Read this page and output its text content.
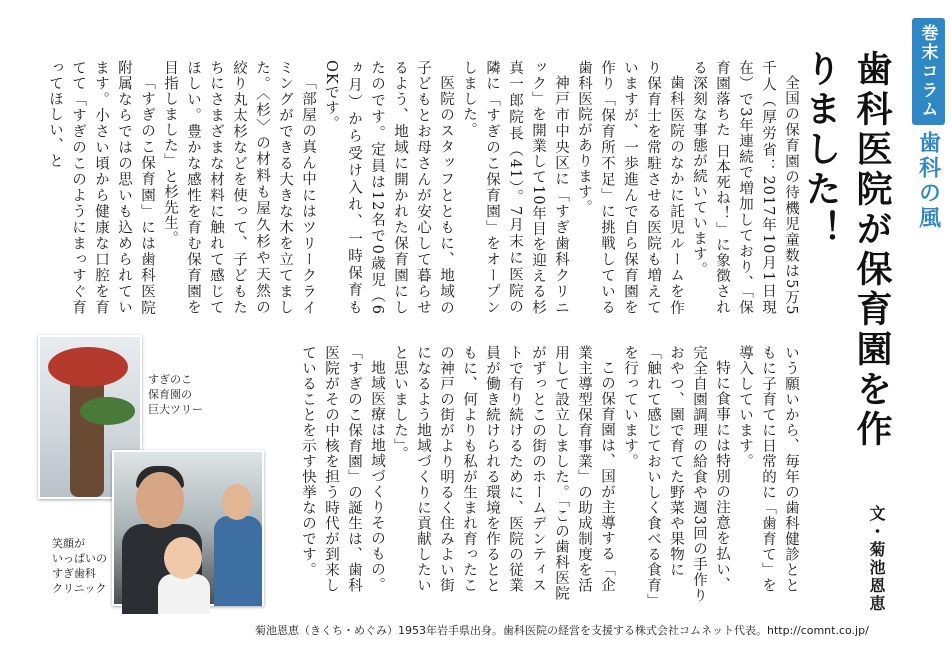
巻末コラム
歯科の風
歯科医院が保育園を作りました！
文・菊池恩恵

全国の保育園の待機児童数は5万5千人（厚労省：2017年10月1日現在）で3年連続で増加しており、「保育園落ちた 日本死ね！」に象徴される深刻な事態が続いています。

歯科医院のなかに託児ルームを作り保育士を常駐させる医院も増えていますが、一歩進んで自ら保育園を作り「保育所不足」に挑戦している歯科医院があります。

神戸市中央区に「すぎ歯科クリニック」を開業して10年目を迎える杉真一郎院長（41）。7月末に医院の隣に「すぎのこ保育園」をオープンしました。

医院のスタッフとともに、地域の子どもとお母さんが安心して暮らせるよう、地域に開かれた保育園にしたのです。定員は12名で0歳児（6ヵ月）から受け入れ、一時保育もOKです。

「部屋の真ん中にはツリークライミングができる大きな木を立てました。〈杉〉の材料も屋久杉や天然の絞り丸太杉などを使って、子どもたちにさまざまな材料に触れて感じてほしい。豊かな感性を育む保育園を目指しました」と杉先生。

「すぎのこ保育園」には歯科医院附属ならではの思いも込められています。小さい頃から健康な口腔を育てて「すぎのこのようにまっすぐ育ってほしい、と

いう願いから、毎年の歯科健診とともに子育てに日常的に「歯育て」を導入しています。

特に食事には特別の注意を払い、完全自園調理の給食や週3回の手作りおやつ、園で育てた野菜や果物に「触れて感じておいしく食べる食育」を行っています。

この保育園は、国が主導する「企業主導型保育事業」の助成制度を活用して設立しました。「この歯科医院がずっとこの街のホームデンティストで有り続けるために、医院の従業員が働き続けられる環境を作るとともに、何よりも私が生まれ育ったこの神戸の街がより明るく住みよい街になるよう地域づくりに貢献したいと思いました」。

地域医療は地域づくりそのもの。「すぎのこ保育園」の誕生は、歯科医院がその中核を担う時代が到来していることを示す快挙なのです。

すぎのこ
保育園の
巨大ツリー
笑顔が
いっぱいの
すぎ歯科
クリニック
菊池恩恵（きくち・めぐみ）1953年岩手県出身。歯科医院の経営を支援する株式会社コムネット代表。http://comnt.co.jp/
